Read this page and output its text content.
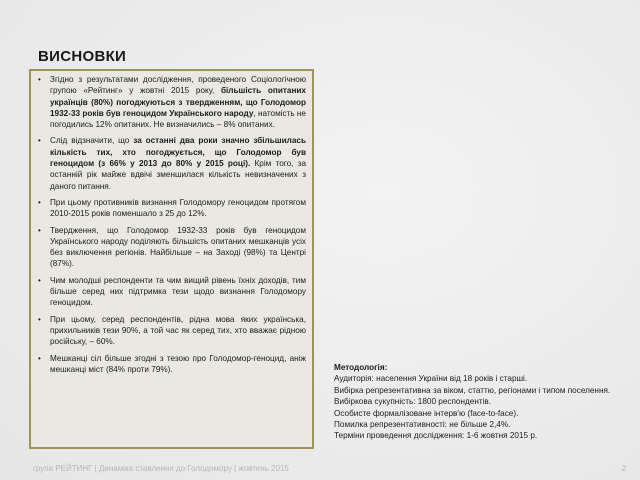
ВИСНОВКИ
• Згідно з результатами дослідження, проведеного Соціологічною групою «Рейтинг» у жовтні 2015 року, більшість опитаних українців (80%) погоджуються з твердженням, що Голодомор 1932-33 років був геноцидом Українського народу, натомість не погодились 12% опитаних. Не визначились – 8% опитаних.
• Слід відзначити, що за останні два роки значно збільшилась кількість тих, хто погоджується, що Голодомор був геноцидом (з 66% у 2013 до 80% у 2015 році). Крім того, за останній рік майже вдвічі зменшилася кількість невизначених з даного питання.
• При цьому противників визнання Голодомору геноцидом протягом 2010-2015 років поменшало з 25 до 12%.
• Твердження, що Голодомор 1932-33 років був геноцидом Українського народу поділяють більшість опитаних мешканців усіх без виключення регіонів. Найбільше – на Заході (98%) та Центрі (87%).
• Чим молодші респонденти та чим вищий рівень їхніх доходів, тим більше серед них підтримка тези щодо визнання Голодомору геноцидом.
• При цьому, серед респондентів, рідна мова яких українська, прихильників тези 90%, а той час як серед тих, хто вважає рідною російську, – 60%.
• Мешканці сіл більше згодні з тезою про Голодомор-геноцид, аніж мешканці міст (84% проти 79%).	Методологія:
Аудиторія: населення України від 18 років і старші.
Вибірка репрезентативна за віком, статтю, регіонами і типом поселення.
Вибіркова сукупність: 1800 респондентів.
Особисте формалізоване інтерв'ю (face-to-face).
Помилка репрезентативності: не більше 2,4%.
Терміни проведення дослідження: 1-6 жовтня 2015 р.
група РЕЙТИНГ | Динаміка ставлення до Голодомору | жовтень 2015	2
